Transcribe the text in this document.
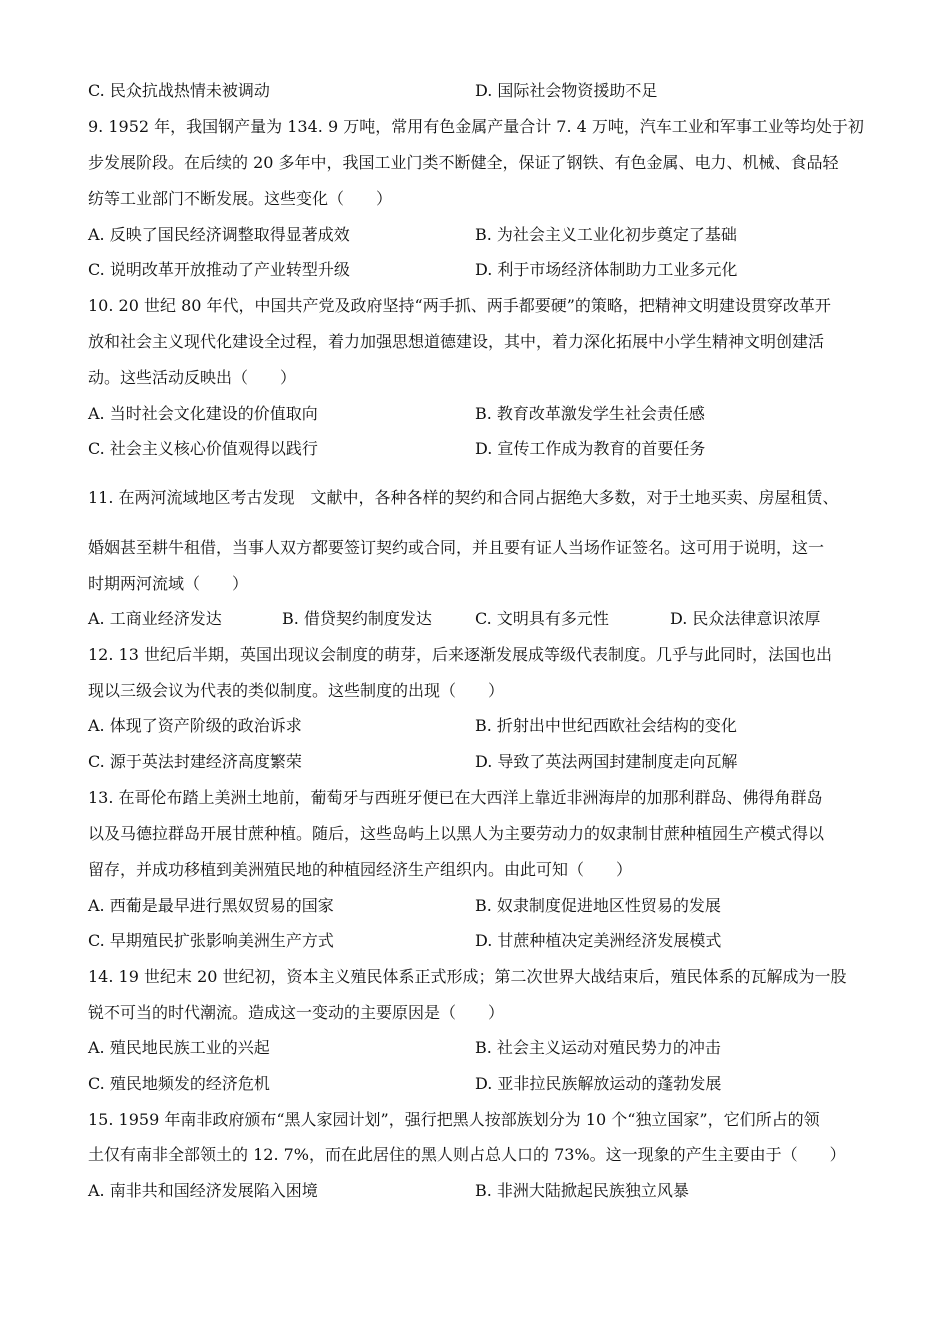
C. 民众抗战热情未被调动	D. 国际社会物资援助不足
9. 1952 年，我国钢产量为 134. 9 万吨，常用有色金属产量合计 7. 4 万吨，汽车工业和军事工业等均处于初
步发展阶段。在后续的 20 多年中，我国工业门类不断健全，保证了钢铁、有色金属、电力、机械、食品轻
纺等工业部门不断发展。这些变化（　　）
A. 反映了国民经济调整取得显著成效	B. 为社会主义工业化初步奠定了基础
C. 说明改革开放推动了产业转型升级	D. 利于市场经济体制助力工业多元化
10. 20 世纪 80 年代，中国共产党及政府坚持“两手抓、两手都要硬”的策略，把精神文明建设贯穿改革开
放和社会主义现代化建设全过程，着力加强思想道德建设，其中，着力深化拓展中小学生精神文明创建活
动。这些活动反映出（　　）
A. 当时社会文化建设的价值取向	B. 教育改革激发学生社会责任感
C. 社会主义核心价值观得以践行	D. 宣传工作成为教育的首要任务
11. 在两河流域地区考古发现　文献中，各种各样的契约和合同占据绝大多数，对于土地买卖、房屋租赁、
婚姻甚至耕牛租借，当事人双方都要签订契约或合同，并且要有证人当场作证签名。这可用于说明，这一
时期两河流域（　　）
A. 工商业经济发达	B. 借贷契约制度发达	C. 文明具有多元性	D. 民众法律意识浓厚
12. 13 世纪后半期，英国出现议会制度的萌芽，后来逐渐发展成等级代表制度。几乎与此同时，法国也出
现以三级会议为代表的类似制度。这些制度的出现（　　）
A. 体现了资产阶级的政治诉求	B. 折射出中世纪西欧社会结构的变化
C. 源于英法封建经济高度繁荣	D. 导致了英法两国封建制度走向瓦解
13. 在哥伦布踏上美洲土地前，葡萄牙与西班牙便已在大西洋上靠近非洲海岸的加那利群岛、佛得角群岛
以及马德拉群岛开展甘蔗种植。随后，这些岛屿上以黑人为主要劳动力的奴隶制甘蔗种植园生产模式得以
留存，并成功移植到美洲殖民地的种植园经济生产组织内。由此可知（　　）
A. 西葡是最早进行黑奴贸易的国家	B. 奴隶制度促进地区性贸易的发展
C. 早期殖民扩张影响美洲生产方式	D. 甘蔗种植决定美洲经济发展模式
14. 19 世纪末 20 世纪初，资本主义殖民体系正式形成；第二次世界大战结束后，殖民体系的瓦解成为一股
锐不可当的时代潮流。造成这一变动的主要原因是（　　）
A. 殖民地民族工业的兴起	B. 社会主义运动对殖民势力的冲击
C. 殖民地频发的经济危机	D. 亚非拉民族解放运动的蓬勃发展
15. 1959 年南非政府颁布“黑人家园计划”，强行把黑人按部族划分为 10 个“独立国家”，它们所占的领
土仅有南非全部领土的 12. 7%，而在此居住的黑人则占总人口的 73%。这一现象的产生主要由于（　　）
A. 南非共和国经济发展陷入困境	B. 非洲大陆掀起民族独立风暴
